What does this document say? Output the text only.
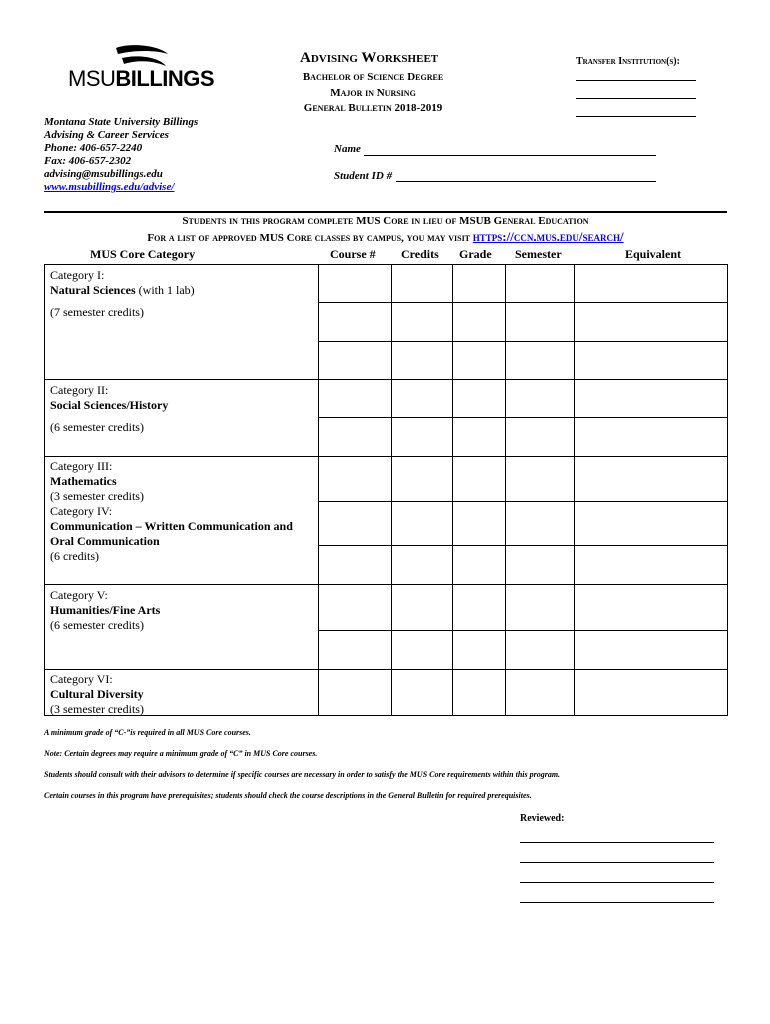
MSUBILLINGS
Montana State University Billings
Advising & Career Services
Phone: 406-657-2240
Fax: 406-657-2302
advising@msubillings.edu
www.msubillings.edu/advise/
Advising Worksheet
Bachelor of Science Degree
Major in Nursing
General Bulletin 2018-2019
Transfer Institution(s):
Name
Student ID #
Students in this program complete MUS Core in lieu of MSUB General Education
For a list of approved MUS Core classes by campus, you may visit https://ccn.mus.edu/search/
MUS Core Category	Course # Credits Grade Semester	Equivalent
Category I:
Natural Sciences (with 1 lab)
(7 semester credits)
Category II:
Social Sciences/History
(6 semester credits)
Category III:
Mathematics
(3 semester credits)
Category IV:
Communication – Written Communication and
Oral Communication
(6 credits)
Category V:
Humanities/Fine Arts
(6 semester credits)
Category VI:
Cultural Diversity
(3 semester credits)
A minimum grade of “C-”is required in all MUS Core courses.
Note: Certain degrees may require a minimum grade of “C” in MUS Core courses.
Students should consult with their advisors to determine if specific courses are necessary in order to satisfy the MUS Core requirements within this program.
Certain courses in this program have prerequisites; students should check the course descriptions in the General Bulletin for required prerequisites.
Reviewed:
